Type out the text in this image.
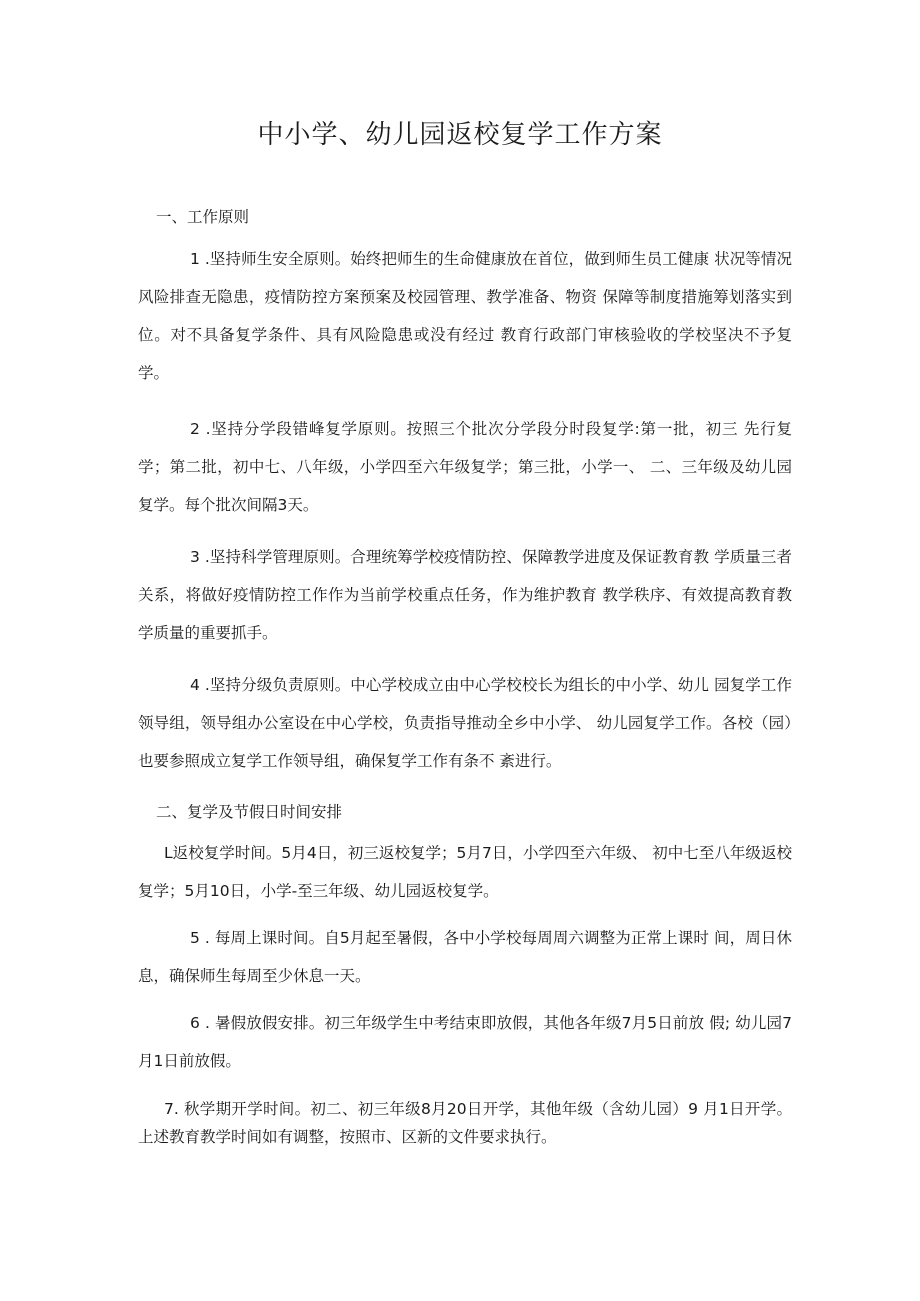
中小学、幼儿园返校复学工作方案

一、工作原则

1 .坚持师生安全原则。始终把师生的生命健康放在首位，做到师生员工健康 状况等情况风险排查无隐患，疫情防控方案预案及校园管理、教学准备、物资 保障等制度措施筹划落实到位。对不具备复学条件、具有风险隐患或没有经过 教育行政部门审核验收的学校坚决不予复学。

2 .坚持分学段错峰复学原则。按照三个批次分学段分时段复学:第一批，初三 先行复学；第二批，初中七、八年级，小学四至六年级复学；第三批，小学一、 二、三年级及幼儿园复学。每个批次间隔3天。

3 .坚持科学管理原则。合理统筹学校疫情防控、保障教学进度及保证教育教 学质量三者关系，将做好疫情防控工作作为当前学校重点任务，作为维护教育 教学秩序、有效提高教育教学质量的重要抓手。

4 .坚持分级负责原则。中心学校成立由中心学校校长为组长的中小学、幼儿 园复学工作领导组，领导组办公室设在中心学校，负责指导推动全乡中小学、 幼儿园复学工作。各校（园）也要参照成立复学工作领导组，确保复学工作有条不 紊进行。

二、复学及节假日时间安排

L返校复学时间。5月4日，初三返校复学；5月7日，小学四至六年级、 初中七至八年级返校复学；5月10日，小学-至三年级、幼儿园返校复学。

5 . 每周上课时间。自5月起至暑假，各中小学校每周周六调整为正常上课时 间，周日休息，确保师生每周至少休息一天。

6 . 暑假放假安排。初三年级学生中考结束即放假，其他各年级7月5日前放 假; 幼儿园7月1日前放假。

7. 秋学期开学时间。初二、初三年级8月20日开学，其他年级（含幼儿园）9 月1日开学。上述教育教学时间如有调整，按照市、区新的文件要求执行。
